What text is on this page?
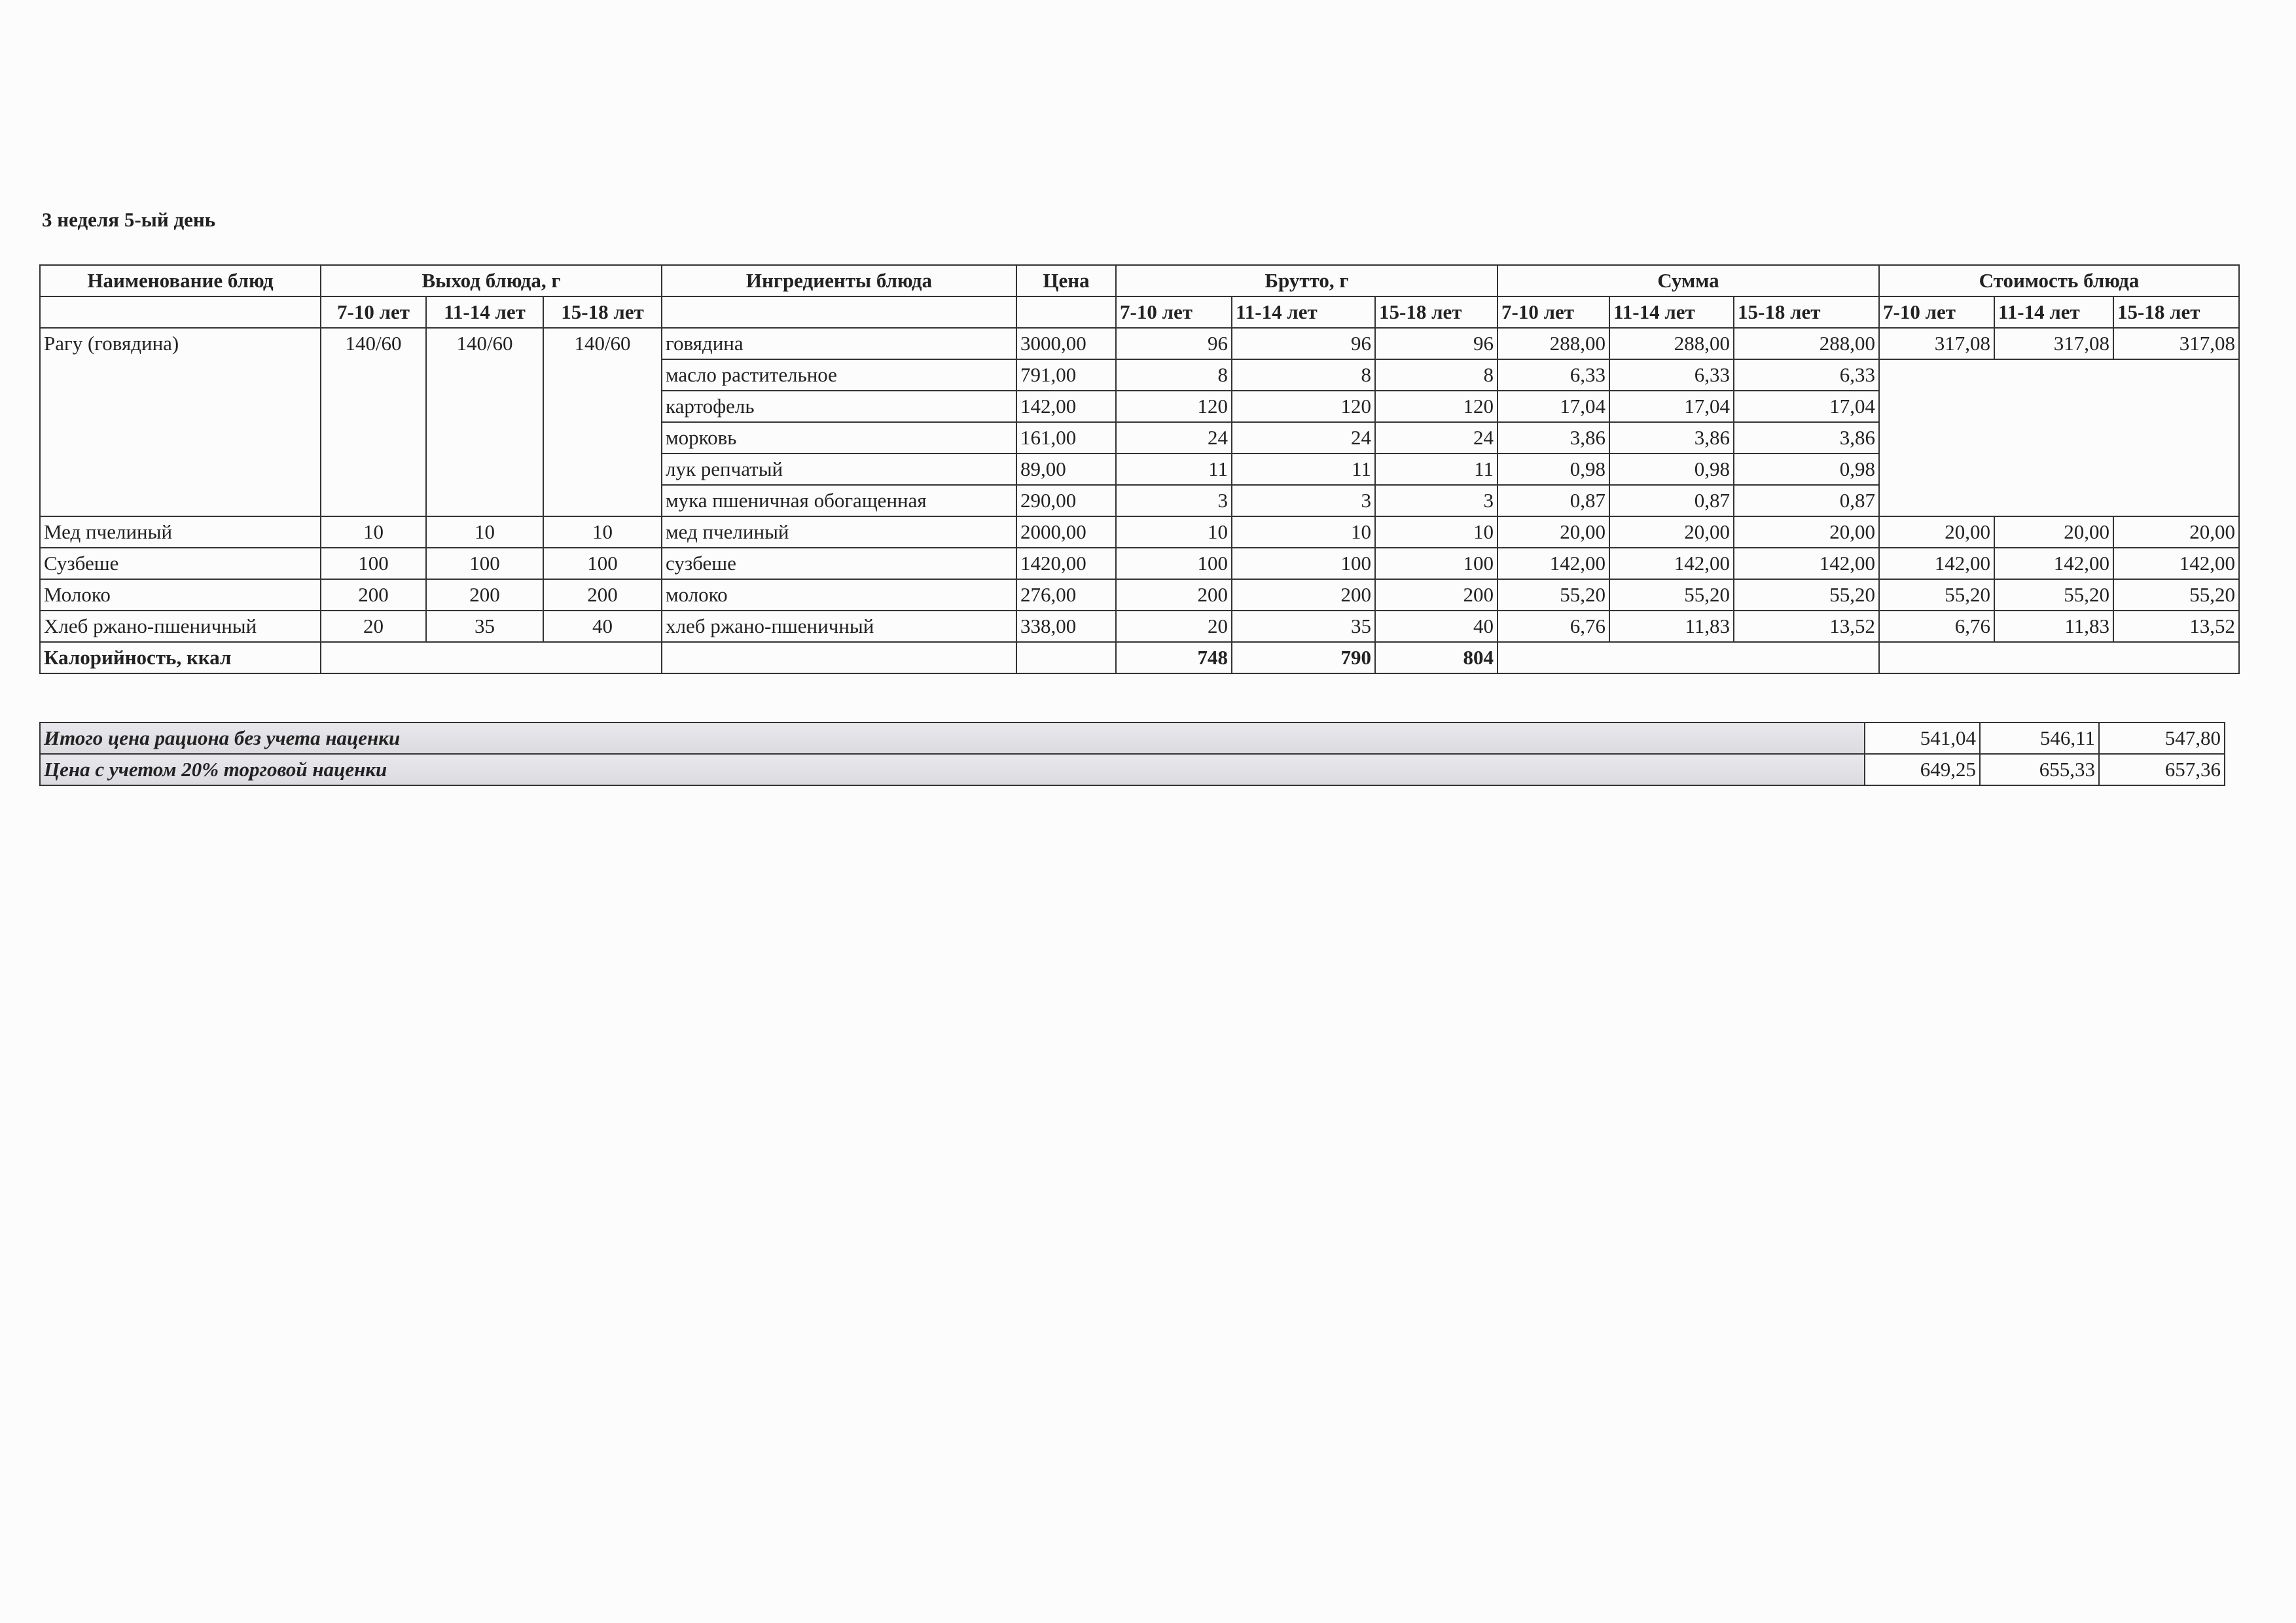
3 неделя 5-ый день
Наименование блюд	Выход блюда, г			Ингредиенты блюда	Цена	Брутто, г			Сумма			Стоимость блюда		
	7-10 лет	11-14 лет	15-18 лет			7-10 лет	11-14 лет	15-18 лет	7-10 лет	11-14 лет	15-18 лет	7-10 лет	11-14 лет	15-18 лет
Рагу (говядина)	140/60	140/60	140/60	говядина	3000,00	96	96	96	288,00	288,00	288,00	317,08	317,08	317,08
				масло растительное	791,00	8	8	8	6,33	6,33	6,33			
				картофель	142,00	120	120	120	17,04	17,04	17,04			
				морковь	161,00	24	24	24	3,86	3,86	3,86			
				лук репчатый	89,00	11	11	11	0,98	0,98	0,98			
				мука пшеничная обогащенная	290,00	3	3	3	0,87	0,87	0,87			
Мед пчелиный	10	10	10	мед пчелиный	2000,00	10	10	10	20,00	20,00	20,00	20,00	20,00	20,00
Сузбеше	100	100	100	сузбеше	1420,00	100	100	100	142,00	142,00	142,00	142,00	142,00	142,00
Молоко	200	200	200	молоко	276,00	200	200	200	55,20	55,20	55,20	55,20	55,20	55,20
Хлеб ржано-пшеничный	20	35	40	хлеб ржано-пшеничный	338,00	20	35	40	6,76	11,83	13,52	6,76	11,83	13,52
Калорийность, ккал						748	790	804						
Итого цена рациона без учета наценки	541,04	546,11	547,80
Цена с учетом 20% торговой наценки	649,25	655,33	657,36
